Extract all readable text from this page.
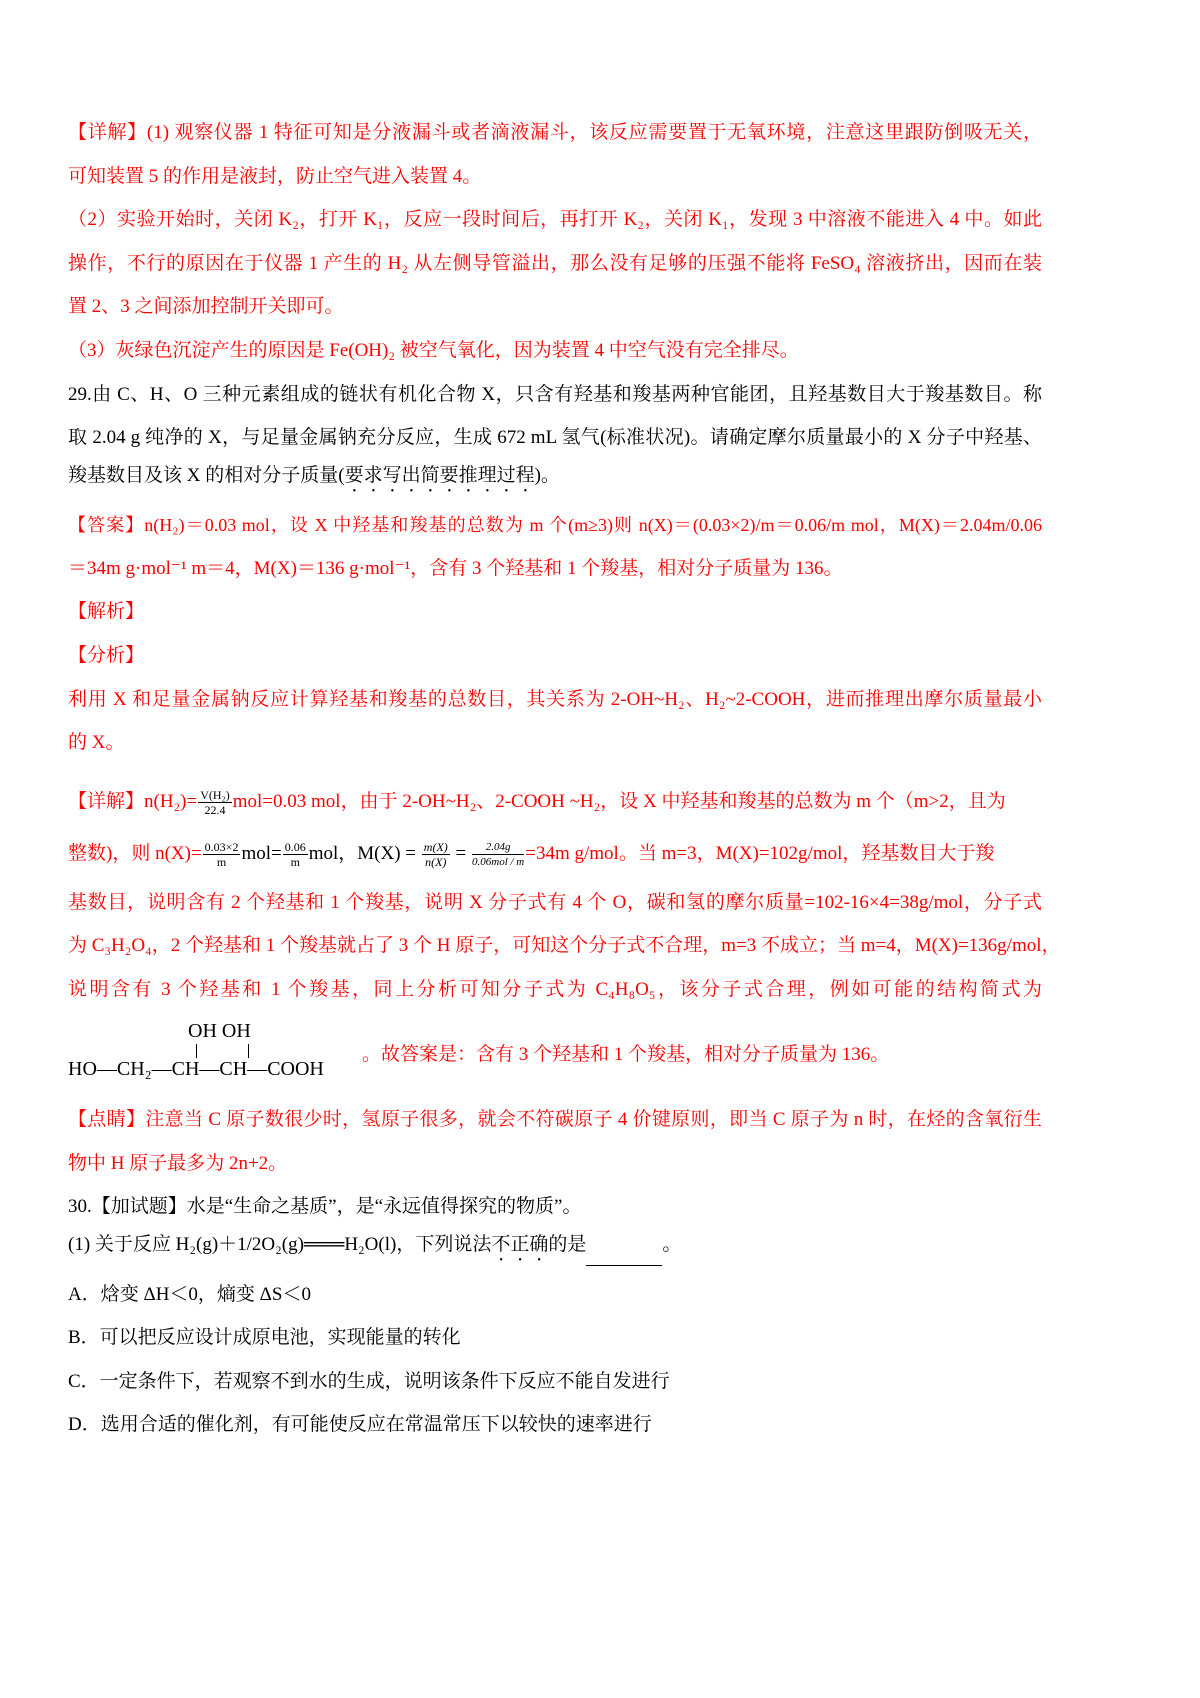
【详解】(1) 观察仪器 1 特征可知是分液漏斗或者滴液漏斗，该反应需要置于无氧环境，注意这里跟防倒吸无关，
可知装置 5 的作用是液封，防止空气进入装置 4。
（2）实验开始时，关闭 K₂，打开 K₁，反应一段时间后，再打开 K₂，关闭 K₁，发现 3 中溶液不能进入 4 中。如此
操作，不行的原因在于仪器 1 产生的 H₂ 从左侧导管溢出，那么没有足够的压强不能将 FeSO₄ 溶液挤出，因而在装
置 2、3 之间添加控制开关即可。
（3）灰绿色沉淀产生的原因是 Fe(OH)₂ 被空气氧化，因为装置 4 中空气没有完全排尽。
29.由 C、H、O 三种元素组成的链状有机化合物 X，只含有羟基和羧基两种官能团，且羟基数目大于羧基数目。称
取 2.04 g 纯净的 X，与足量金属钠充分反应，生成 672 mL 氢气(标准状况)。请确定摩尔质量最小的 X 分子中羟基、
羧基数目及该 X 的相对分子质量(要求写出简要推理过程)。
【答案】n(H₂)＝0.03 mol，设 X 中羟基和羧基的总数为 m 个(m≥3)则 n(X)＝(0.03×2)/m＝0.06/m mol，M(X)＝2.04m/0.06
＝34m g·mol⁻¹ m＝4，M(X)＝136 g·mol⁻¹，含有 3 个羟基和 1 个羧基，相对分子质量为 136。
【解析】
【分析】
利用 X 和足量金属钠反应计算羟基和羧基的总数目，其关系为 2-OH~H₂、H₂~2-COOH，进而推理出摩尔质量最小
的 X。
【详解】$n(H_2)= \frac{\text{V(H₂)}}{22.4} mol=0.03$ mol，由于 2-OH~H₂、2-COOH ~H₂，设 X 中羟基和羧基的总数为 m 个（m>2，且为
整数)，则 $n(X)= \frac{0.03\times 2}{m} mol= \frac{0.06}{m}$ mol，$M(X) = \frac{m(X)}{n(X)} = \frac{2.04g}{\text{0.06mol / m}} =34m$ g/mol。当 m=3，M(X)=102g/mol，羟基数目大于羧
基数目，说明含有 2 个羟基和 1 个羧基，说明 X 分子式有 4 个 O，碳和氢的摩尔质量=102-16×4=38g/mol，分子式
为 C₃H₂O₄，2 个羟基和 1 个羧基就占了 3 个 H 原子，可知这个分子式不合理，m=3 不成立；当 m=4，M(X)=136g/mol，
说明含有 3 个羟基和 1 个羧基，同上分析可知分子式为 C₄H₈O₅，该分子式合理，例如可能的结构简式为
OH OH
HO—CH₂—CH—CH—COOH
。故答案是：含有 3 个羟基和 1 个羧基，相对分子质量为 136。
【点睛】注意当 C 原子数很少时，氢原子很多，就会不符碳原子 4 价键原则，即当 C 原子为 n 时，在烃的含氧衍生
物中 H 原子最多为 2n+2。
30.【加试题】水是“生命之基质”，是“永远值得探究的物质”。
(1) 关于反应 H₂(g)＋1/2O₂(g)═══H₂O(l)，下列说法不正确的是	。
A．焓变 ΔH＜0，熵变 ΔS＜0
B．可以把反应设计成原电池，实现能量的转化
C．一定条件下，若观察不到水的生成，说明该条件下反应不能自发进行
D．选用合适的催化剂，有可能使反应在常温常压下以较快的速率进行
